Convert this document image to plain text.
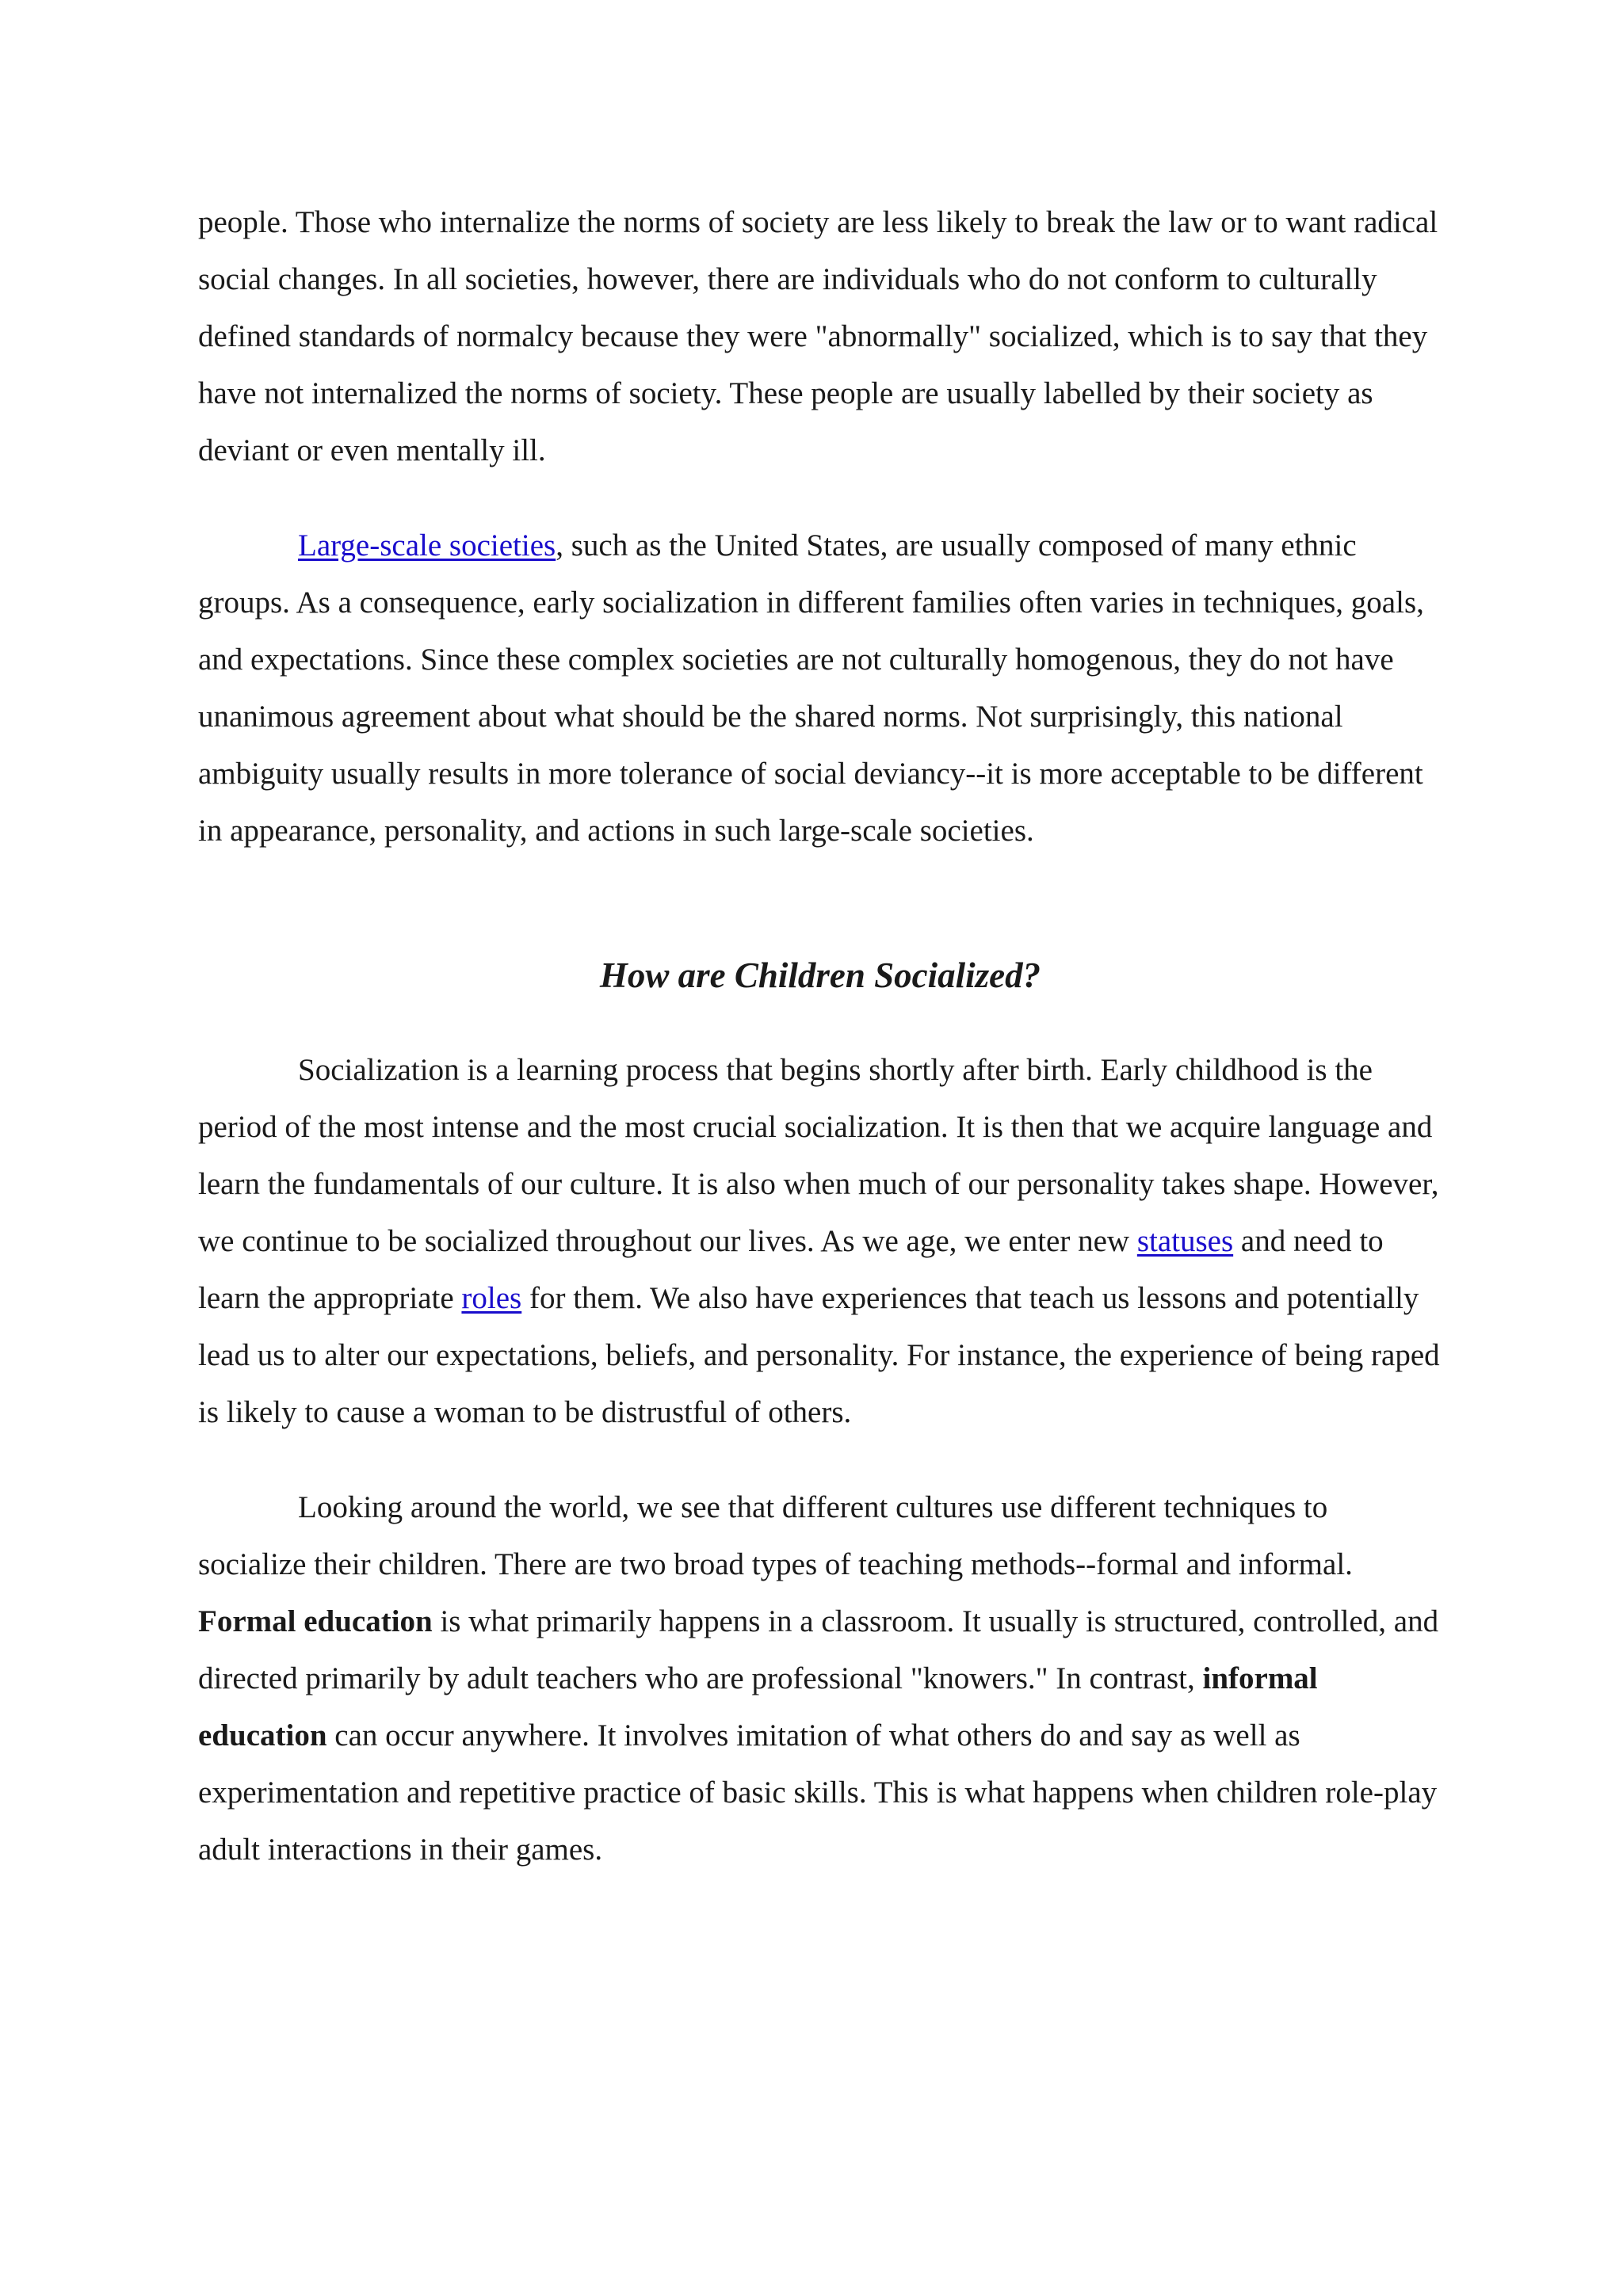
people. Those who internalize the norms of society are less likely to break the law or to want radical social changes. In all societies, however, there are individuals who do not conform to culturally defined standards of normalcy because they were "abnormally" socialized, which is to say that they have not internalized the norms of society. These people are usually labelled by their society as deviant or even mentally ill.

Large-scale societies, such as the United States, are usually composed of many ethnic groups. As a consequence, early socialization in different families often varies in techniques, goals, and expectations. Since these complex societies are not culturally homogenous, they do not have unanimous agreement about what should be the shared norms. Not surprisingly, this national ambiguity usually results in more tolerance of social deviancy--it is more acceptable to be different in appearance, personality, and actions in such large-scale societies.

How are Children Socialized?

Socialization is a learning process that begins shortly after birth. Early childhood is the period of the most intense and the most crucial socialization. It is then that we acquire language and learn the fundamentals of our culture. It is also when much of our personality takes shape. However, we continue to be socialized throughout our lives. As we age, we enter new statuses and need to learn the appropriate roles for them. We also have experiences that teach us lessons and potentially lead us to alter our expectations, beliefs, and personality. For instance, the experience of being raped is likely to cause a woman to be distrustful of others.

Looking around the world, we see that different cultures use different techniques to socialize their children. There are two broad types of teaching methods--formal and informal. Formal education is what primarily happens in a classroom. It usually is structured, controlled, and directed primarily by adult teachers who are professional "knowers." In contrast, informal education can occur anywhere. It involves imitation of what others do and say as well as experimentation and repetitive practice of basic skills. This is what happens when children role-play adult interactions in their games.
